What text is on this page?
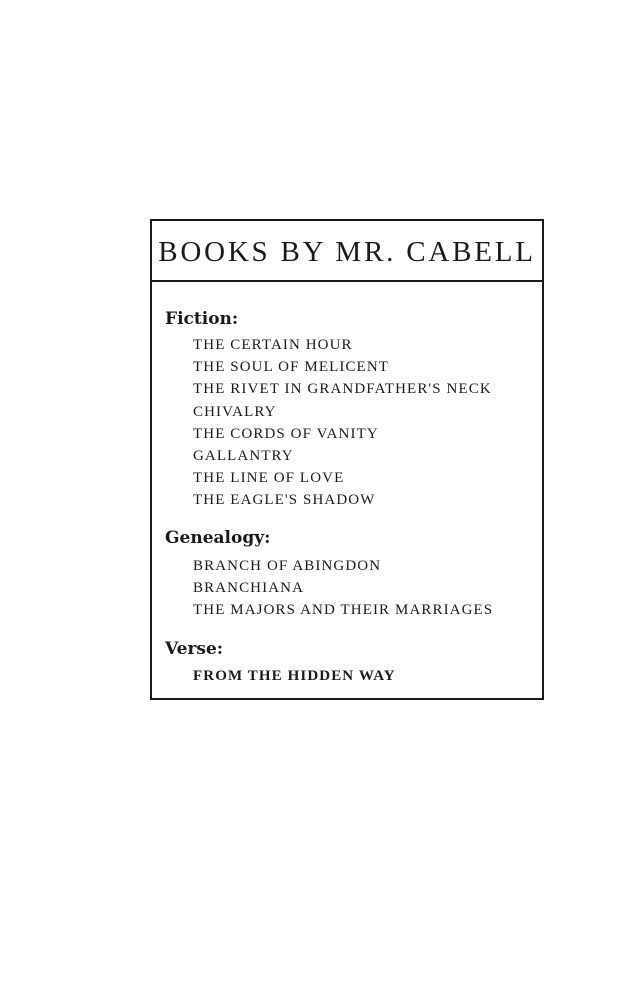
BOOKS BY MR. CABELL
Fiction:
THE CERTAIN HOUR
THE SOUL OF MELICENT
THE RIVET IN GRANDFATHER'S NECK
CHIVALRY
THE CORDS OF VANITY
GALLANTRY
THE LINE OF LOVE
THE EAGLE'S SHADOW
Genealogy:
BRANCH OF ABINGDON
BRANCHIANA
THE MAJORS AND THEIR MARRIAGES
Verse:
FROM THE HIDDEN WAY
